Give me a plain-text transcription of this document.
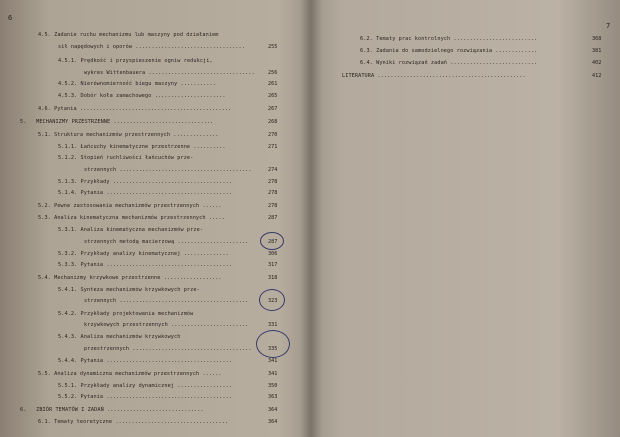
6
4.5. Zadanie ruchu mechanizmu lub maszyny pod działaniem
sił napędowych i oporów ..................................	255
4.5.1. Prędkość i przyspieszenie ogniw redukcji,
wykres Wittenbauera .................................	256
4.5.2. Nierównomierność biegu maszyny ...........	261
4.5.3. Dobór koła zamachowego ......................	265
4.6. Pytania ...............................................	267
5.   MECHANIZMY PRZESTRZENNE ...............................	268
5.1. Struktura mechanizmów przestrzennych ..............	270
5.1.1. Łańcuchy kinematyczne przestrzenne ..........	271
5.1.2. Stopień ruchliwości łańcuchów prze-
strzennych .........................................	274
5.1.3. Przykłady .....................................	278
5.1.4. Pytania .......................................	278
5.2. Pewne zastosowania mechanizmów przestrzennych ......	278
5.3. Analiza kinematyczna mechanizmów przestrzennych .....	287
5.3.1. Analiza kinematyczna mechanizmów prze-
strzennych metodą macierzową ......................	287
5.3.2. Przykłady analizy kinematycznej ..............	306
5.3.3. Pytania .......................................	317
5.4. Mechanizmy krzywkowe przestrzenne ..................	318
5.4.1. Synteza mechanizmów krzywkowych prze-
strzennych ........................................	323
5.4.2. Przykłady projektowania mechanizmów
krzywkowych przestrzennych ........................	331
5.4.3. Analiza mechanizmów krzywkowych
przestrzennych .....................................	335
5.4.4. Pytania .......................................	341
5.5. Analiza dynamiczna mechanizmów przestrzennych ......	341
5.5.1. Przykłady analizy dynamicznej .................	350
5.5.2. Pytania .......................................	363
6.   ZBIÓR TEMATÓW I ZADAŃ ..............................	364
6.1. Tematy teoretyczne ...................................	364
7
6.2. Tematy prac kontrolnych ..........................	368
6.3. Zadania do samodzielnego rozwiązania .............	381
6.4. Wyniki rozwiązań zadań ...........................	402
LITERATURA ..............................................	412
